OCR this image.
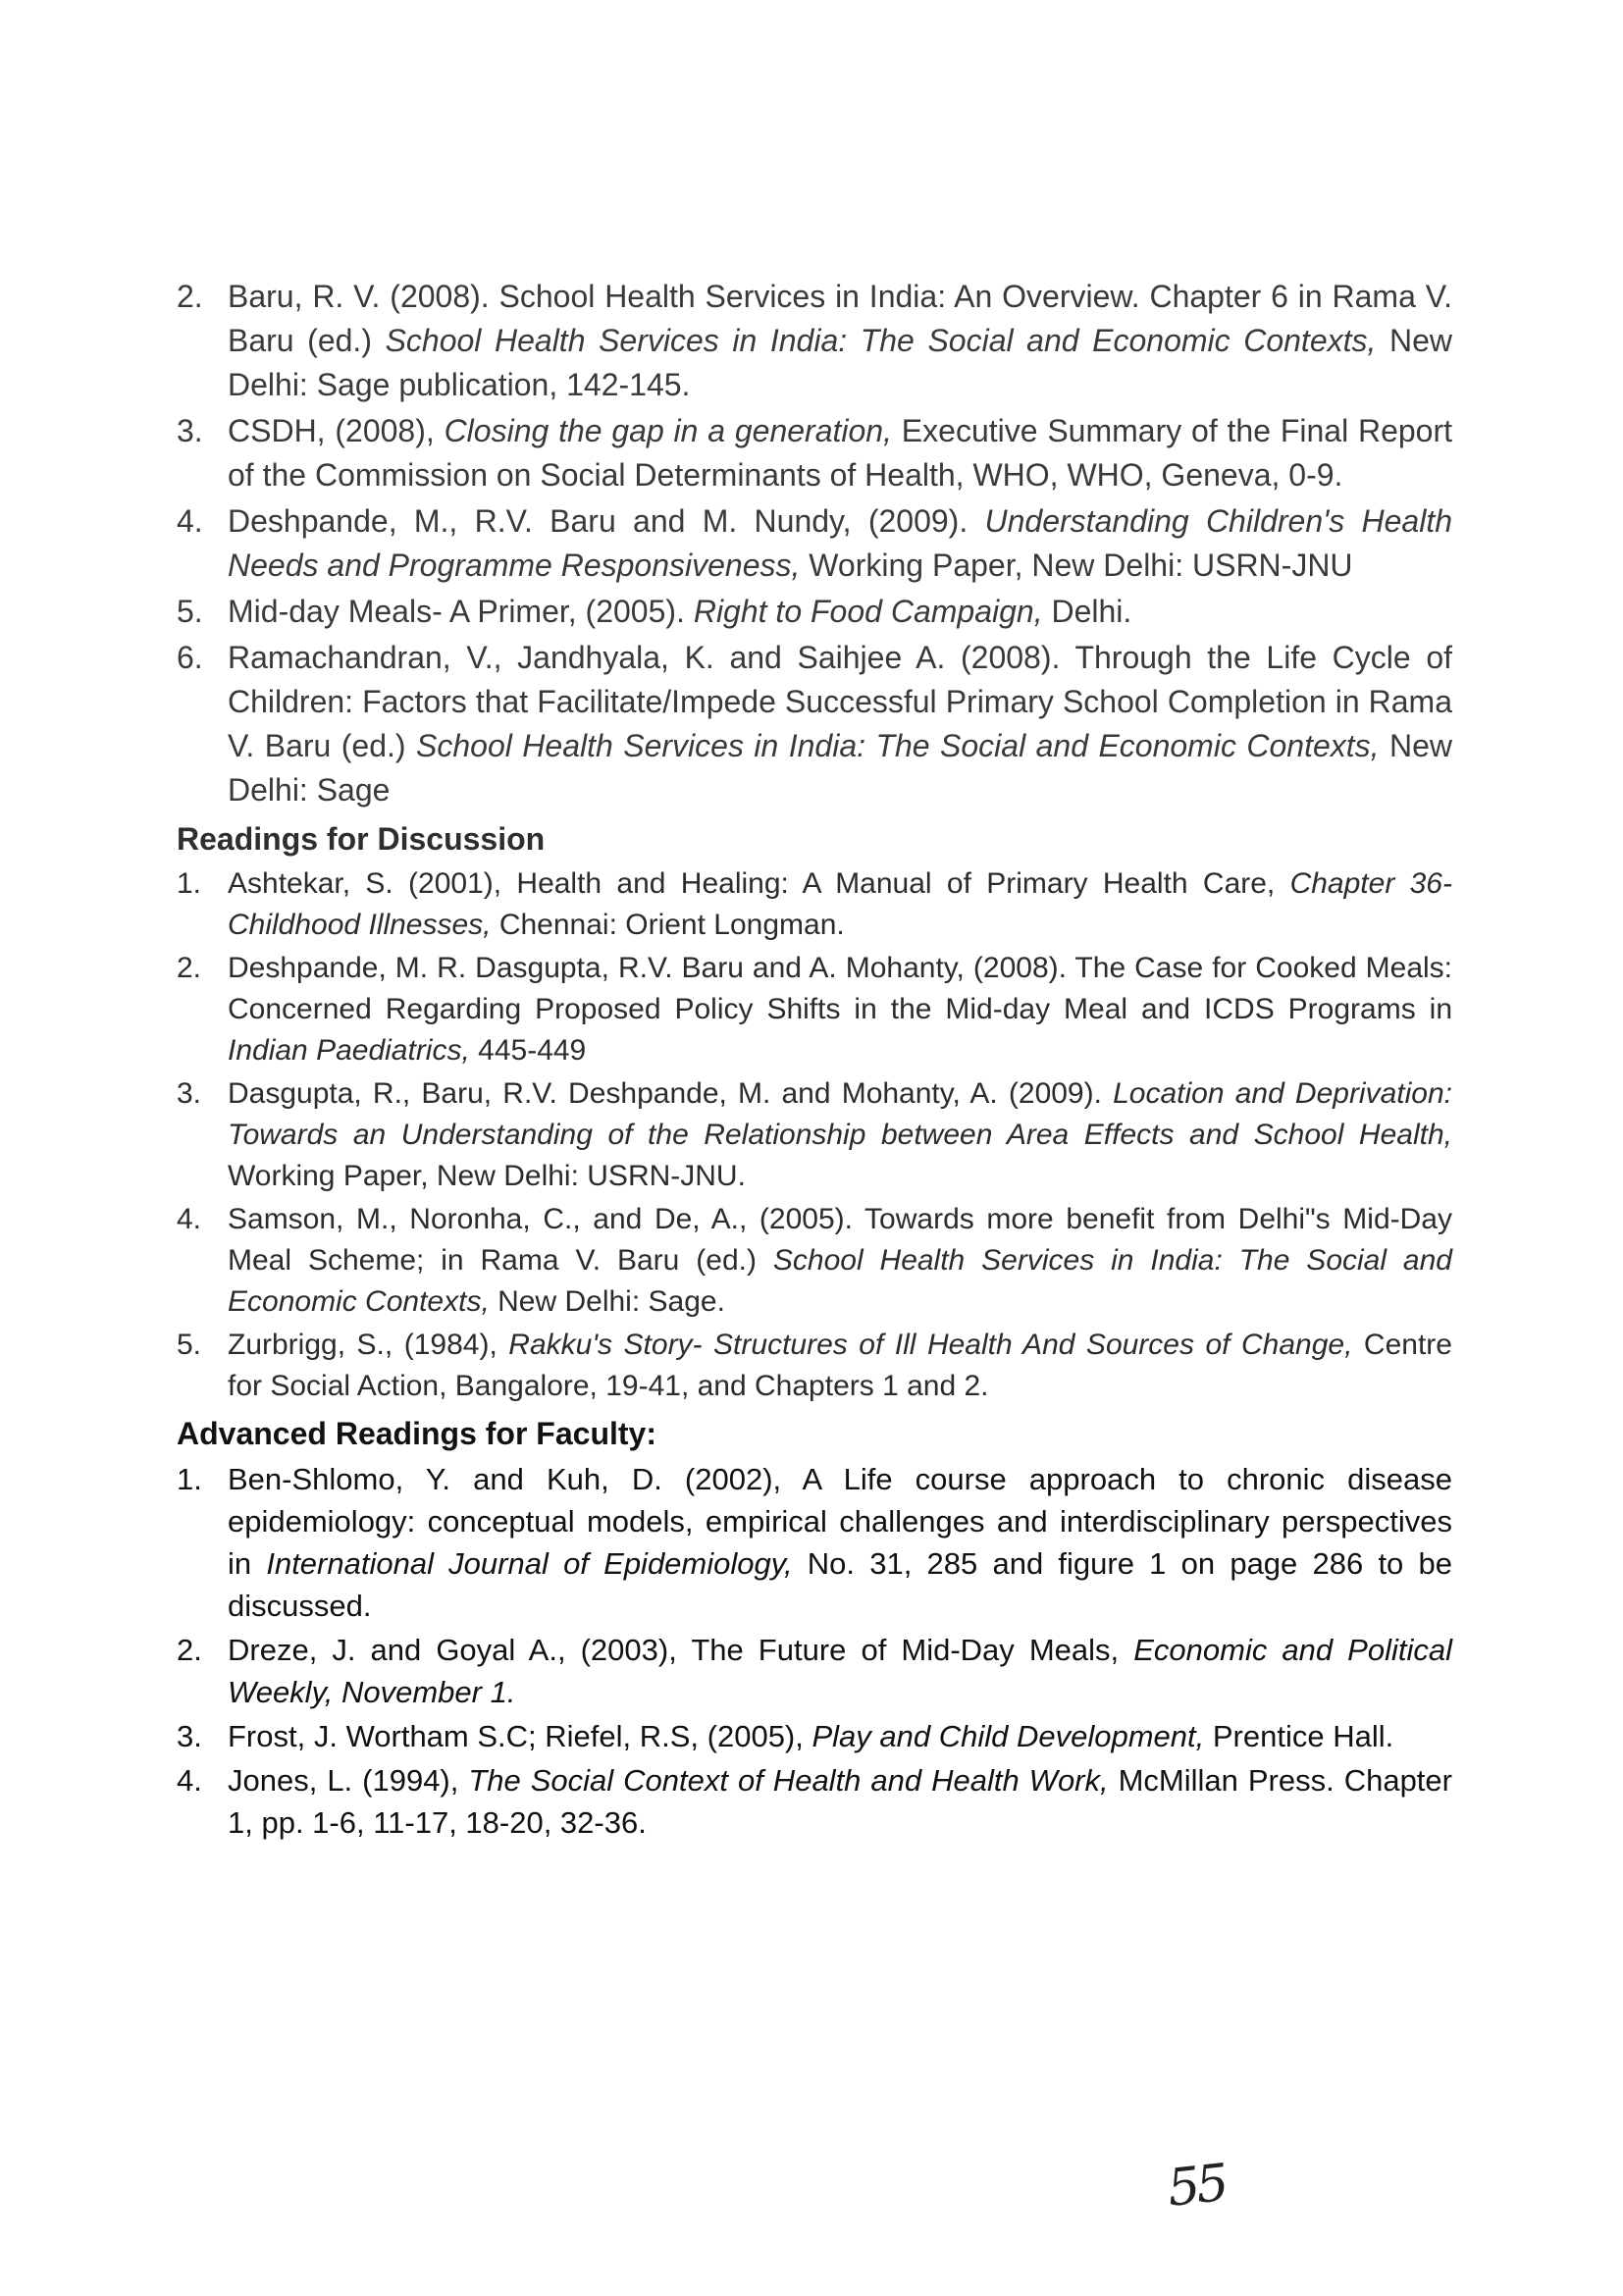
2. Baru, R. V. (2008). School Health Services in India: An Overview. Chapter 6 in Rama V. Baru (ed.) School Health Services in India: The Social and Economic Contexts, New Delhi: Sage publication, 142-145.
3. CSDH, (2008), Closing the gap in a generation, Executive Summary of the Final Report of the Commission on Social Determinants of Health, WHO, WHO, Geneva, 0-9.
4. Deshpande, M., R.V. Baru and M. Nundy, (2009). Understanding Children's Health Needs and Programme Responsiveness, Working Paper, New Delhi: USRN-JNU
5. Mid-day Meals- A Primer, (2005). Right to Food Campaign, Delhi.
6. Ramachandran, V., Jandhyala, K. and Saihjee A. (2008). Through the Life Cycle of Children: Factors that Facilitate/Impede Successful Primary School Completion in Rama V. Baru (ed.) School Health Services in India: The Social and Economic Contexts, New Delhi: Sage
Readings for Discussion
1. Ashtekar, S. (2001), Health and Healing: A Manual of Primary Health Care, Chapter 36-Childhood Illnesses, Chennai: Orient Longman.
2. Deshpande, M. R. Dasgupta, R.V. Baru and A. Mohanty, (2008). The Case for Cooked Meals: Concerned Regarding Proposed Policy Shifts in the Mid-day Meal and ICDS Programs in Indian Paediatrics, 445-449
3. Dasgupta, R., Baru, R.V. Deshpande, M. and Mohanty, A. (2009). Location and Deprivation: Towards an Understanding of the Relationship between Area Effects and School Health, Working Paper, New Delhi: USRN-JNU.
4. Samson, M., Noronha, C., and De, A., (2005). Towards more benefit from Delhi"s Mid-Day Meal Scheme; in Rama V. Baru (ed.) School Health Services in India: The Social and Economic Contexts, New Delhi: Sage.
5. Zurbrigg, S., (1984), Rakku's Story- Structures of Ill Health And Sources of Change, Centre for Social Action, Bangalore, 19-41, and Chapters 1 and 2.
Advanced Readings for Faculty:
1. Ben-Shlomo, Y. and Kuh, D. (2002), A Life course approach to chronic disease epidemiology: conceptual models, empirical challenges and interdisciplinary perspectives in International Journal of Epidemiology, No. 31, 285 and figure 1 on page 286 to be discussed.
2. Dreze, J. and Goyal A., (2003), The Future of Mid-Day Meals, Economic and Political Weekly, November 1.
3. Frost, J. Wortham S.C; Riefel, R.S, (2005), Play and Child Development, Prentice Hall.
4. Jones, L. (1994), The Social Context of Health and Health Work, McMillan Press. Chapter 1, pp. 1-6, 11-17, 18-20, 32-36.
55
